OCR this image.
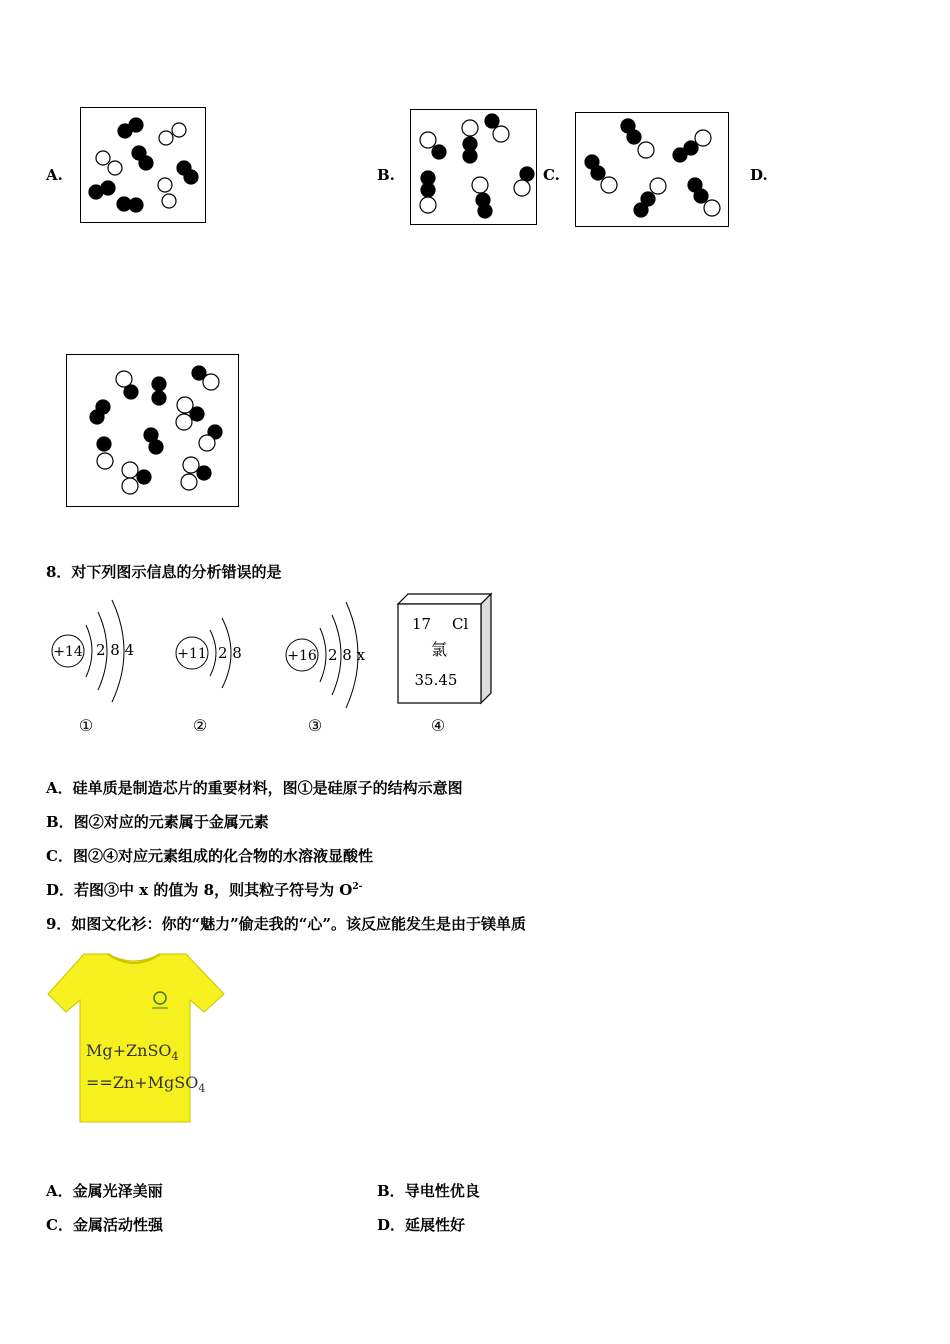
A.	B.	C.	D.
8．对下列图示信息的分析错误的是
+14 2 8 4
①
+11 2 8
②
+16 2 8 x
③
17 Cl
氯
35.45
④
A．硅单质是制造芯片的重要材料，图①是硅原子的结构示意图
B．图②对应的元素属于金属元素
C．图②④对应元素组成的化合物的水溶液显酸性
D．若图③中 x 的值为 8，则其粒子符号为 $O^{2-}$
9．如图文化衫：你的“魅力”偷走我的“心”。该反应能发生是由于镁单质
Mg+ZnSO$_4$
==Zn+MgSO$_4$
A．金属光泽美丽	B．导电性优良
C．金属活动性强	D．延展性好
